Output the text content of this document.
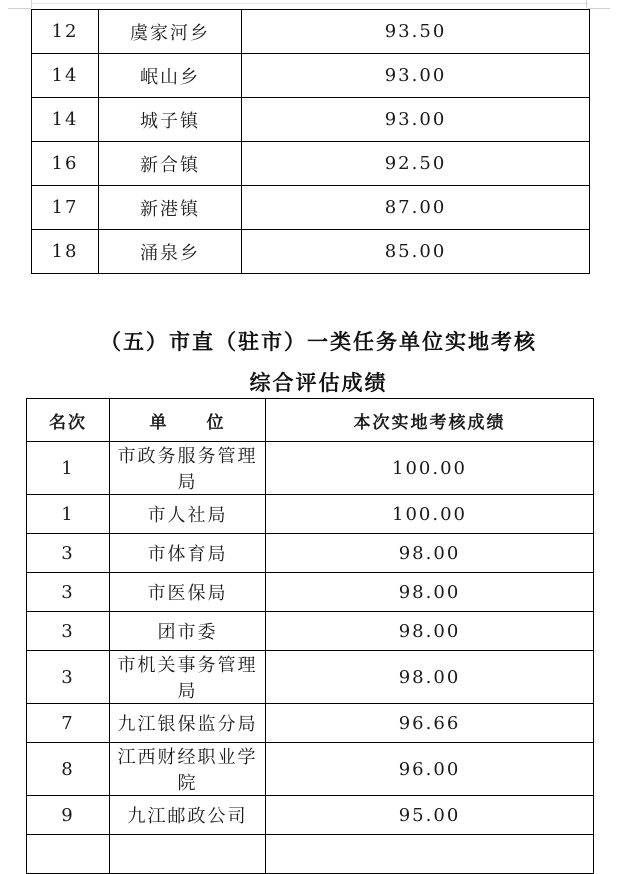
12	虞家河乡	93.50
14	岷山乡	93.00
14	城子镇	93.00
16	新合镇	92.50
17	新港镇	87.00
18	涌泉乡	85.00
（五）市直（驻市）一类任务单位实地考核
综合评估成绩
名次	单　　位	本次实地考核成绩
1	市政务服务管理局	100.00
1	市人社局	100.00
3	市体育局	98.00
3	市医保局	98.00
3	团市委	98.00
3	市机关事务管理局	98.00
7	九江银保监分局	96.66
8	江西财经职业学院	96.00
9	九江邮政公司	95.00
